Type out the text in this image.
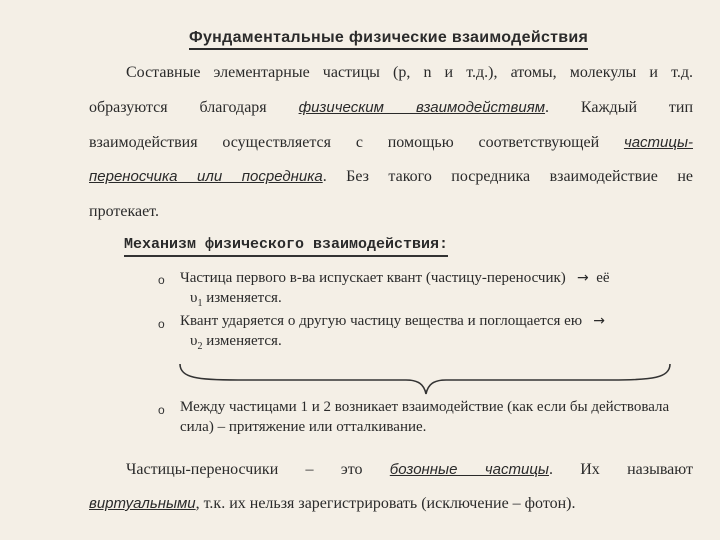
Фундаментальные физические взаимодействия
Составные элементарные частицы (p, n и т.д.), атомы, молекулы и т.д.
образуются благодаря физическим взаимодействиям. Каждый тип
взаимодействия осуществляется с помощью соответствующей частицы-
переносчика или посредника. Без такого посредника взаимодействие не
протекает.
Механизм физического взаимодействия:
o Частица первого в-ва испускает квант (частицу-переносчик) → её
$\upsilon_1$ изменяется.
o Квант ударяется о другую частицу вещества и поглощается ею →
$\upsilon_2$ изменяется.
o Между частицами 1 и 2 возникает взаимодействие (как если бы действовала
сила) – притяжение или отталкивание.
Частицы-переносчики – это бозонные частицы. Их называют
виртуальными, т.к. их нельзя зарегистрировать (исключение – фотон).
